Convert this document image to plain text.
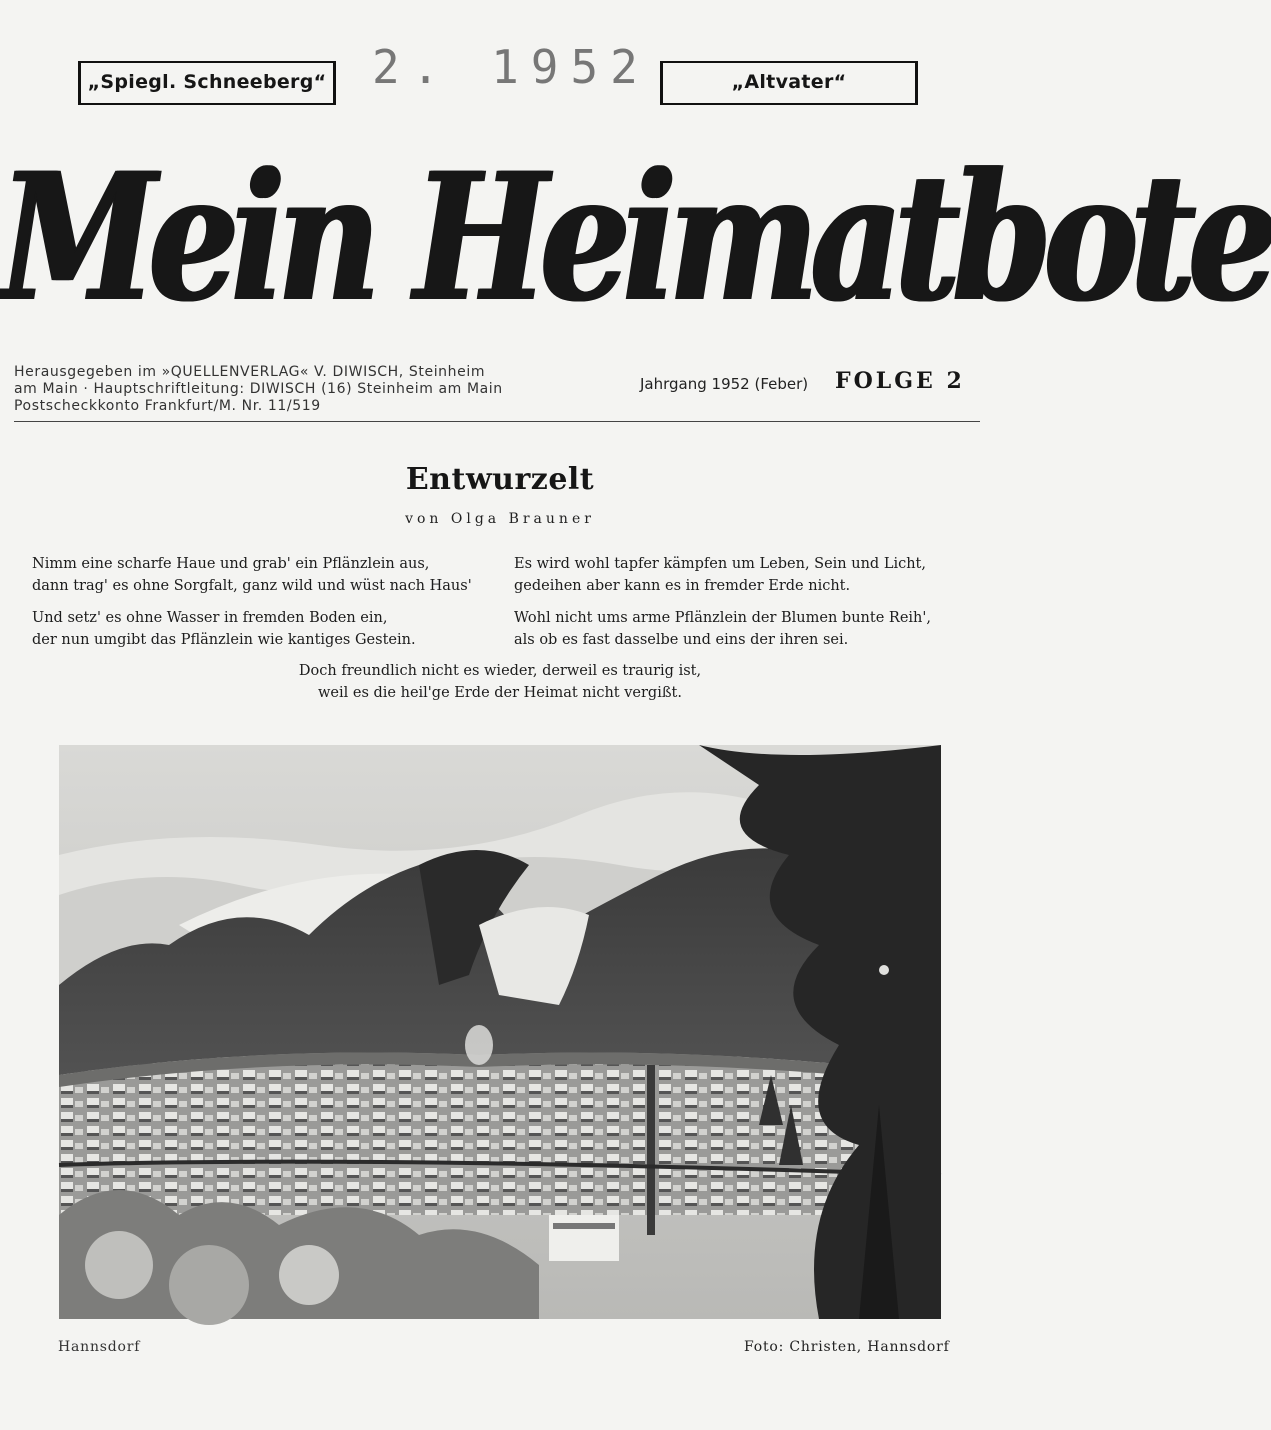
„Spiegl. Schneeberg“ 2. 1952	„Altvater“
Mein Heimatbote
Herausgegeben im »QUELLENVERLAG« V. DIWISCH, Steinheim
am Main · Hauptschriftleitung: DIWISCH (16) Steinheim am Main
Postscheckkonto Frankfurt/M. Nr. 11/519
Jahrgang 1952 (Feber) FOLGE 2
Entwurzelt
von Olga Brauner
Nimm eine scharfe Haue und grab' ein Pflänzlein aus,
dann trag' es ohne Sorgfalt, ganz wild und wüst nach Haus'
Es wird wohl tapfer kämpfen um Leben, Sein und Licht,
gedeihen aber kann es in fremder Erde nicht.
Und setz' es ohne Wasser in fremden Boden ein,
der nun umgibt das Pflänzlein wie kantiges Gestein.
Wohl nicht ums arme Pflänzlein der Blumen bunte Reih',
als ob es fast dasselbe und eins der ihren sei.
Doch freundlich nicht es wieder, derweil es traurig ist,
weil es die heil'ge Erde der Heimat nicht vergißt.
Hannsdorf	Foto: Christen, Hannsdorf
